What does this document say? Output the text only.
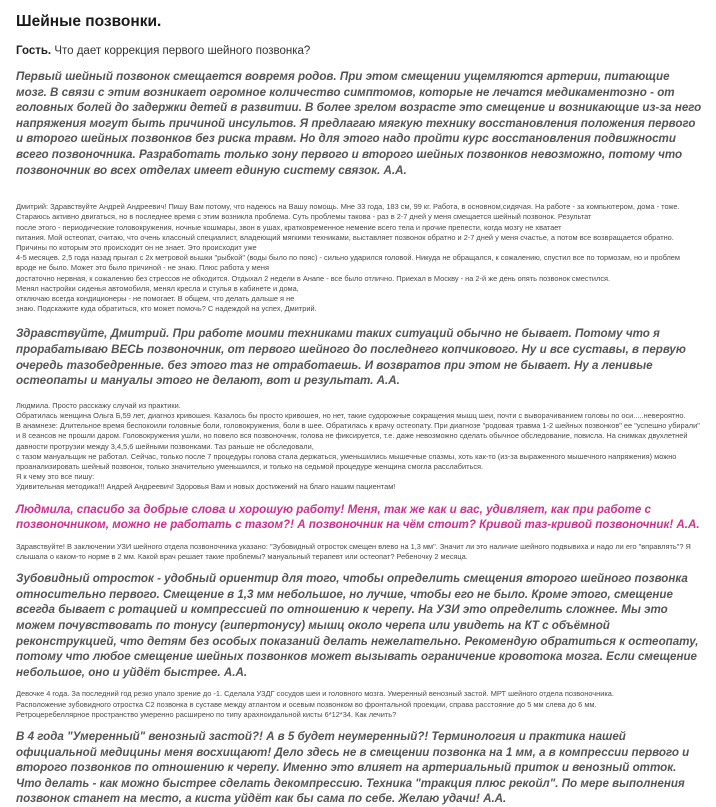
Шейные позвонки.

Гость. Что дает коррекция первого шейного позвонка?

Первый шейный позвонок смещается вовремя родов. При этом смещении ущемляются артерии, питающие мозг. В связи с этим возникает огромное количество симптомов, которые не лечатся медикаментозно - от головных болей до задержки детей в развитии. В более зрелом возрасте это смещение и возникающие из-за него напряжения могут быть причиной инсультов. Я предлагаю мягкую технику восстановления положения первого и второго шейных позвонков без риска травм. Но для этого надо пройти курс восстановления подвижности всего позвоночника. Разработать только зону первого и второго шейных позвонков невозможно, потому что позвоночник во всех отделах имеет единую систему связок. А.А.

Дмитрий: Здравствуйте Андрей Андреевич! Пишу Вам потому, что надеюсь на Вашу помощь. Мне 33 года, 183 см, 99 кг. Работа, в основном,сидячая. На работе - за компьютером, дома - тоже. Стараюсь активно двигаться, но в последнее время с этим возникла проблема. Суть проблемы такова - раз в 2-7 дней у меня смещается шейный позвонок. Результат
после этого - периодические головокружения, ночные кошмары, звон в ушах, кратковременное немение всего тела и прочие препести, когда мозгу не хватает
питания. Мой остеопат, считаю, что очень классный специалист, владеющий мягкими техниками, выставляет позвонок обратно и 2-7 дней у меня счастье, а потом все возвращается обратно. Причины по которым это происходит он не знает. Это происходит уже
4-5 месяцев. 2,5 года назад прыгал с 2х метровой вышки "рыбкой" (воды было по пояс) - сильно ударился головой. Никуда не обращался, к сожалению, спустил все по тормозам, но и проблем вроде не было. Может это было причиной - не знаю. Плюс работа у меня
достаточно нервная, к сожалению без стрессов не обходится. Отдыхал 2 недели в Анапе - все было отлично. Приехал в Москву - на 2-й же день опять позвонок сместился.
Менял настройки сиденья автомобиля, менял кресла и стулья в кабинете и дома,
отключаю всегда кондиционеры - не помогает. В общем, что делать дальше я не
знаю. Подскажите куда обратиться, кто может помочь? С надеждой на успех, Дмитрий.

Здравствуйте, Дмитрий. При работе моими техниками таких ситуаций обычно не бывает. Потому что я прорабатываю ВЕСЬ позвоночник, от первого шейного до последнего копчикового. Ну и все суставы, в первую очередь тазобедренные. без этого таз не отработаешь. И возвратов при этом не бывает. Ну а ленивые остеопаты и мануалы этого не делают, вот и результат. А.А.

Людмила. Просто расскажу случай из практики.
Обратилась женщина Ольга Б,59 лет, диагноз кривошея. Казалось бы просто кривошея, но нет, такие судорожные сокращения мышц шеи, почти с выворачиванием головы по оси.....невероятно.
В анамнезе: Длительное время беспокоили головные боли, головокружения, боли в шее. Обратилась к врачу остеопату. При диагнозе "родовая травма 1-2 шейных позвонков" ее "успешно убирали" и 8 сеансов не прошли даром. Головокружения ушли, но повело вся позвоночник, голова не фиксируется, т.е. даже невозможно сделать обычное обследование, повисла. На снимках двухлетней давности протрузии между 3,4,5,6 шейными позвонками. Таз раньше не обследовали,
с тазом мануальщик не работал. Сейчас, только после 7 процедуры голова стала держаться, уменьшились мышечные спазмы, хоть как-то (из-за выраженного мышечного напряжения) можно проанализировать шейный позвонок, только значительно уменьшился, и только на седьмой процедуре женщина смогла расслабиться.
Я к чему это все пишу:
Удивительная методика!!! Андрей Андреевич! Здоровья Вам и новых достижений на благо нашим пациентам!

Людмила, спасибо за добрые слова и хорошую работу! Меня, так же как и вас, удивляет, как при работе с позвоночником, можно не работать с тазом?! А позвоночник на чём стоит? Кривой таз-кривой позвоночник! А.А.

Здравствуйте! В заключении УЗИ шейного отдела позвоночника указано: "Зубовидный отросток смещен влево на 1,3 мм". Значит ли это наличие шейного подвывиха и надо ли его "вправлять"? Я слышала о каком-то норме в 2 мм. Какой врач решает такие проблемы? мануальный терапевт или остеопат? Ребеночку 2 месяца.

Зубовидный отросток - удобный ориентир для того, чтобы определить смещения второго шейного позвонка относительно первого. Смещение в 1,3 мм небольшое, но лучше, чтобы его не было. Кроме этого, смещение всегда бывает с ротацией и компрессией по отношению к черепу. На УЗИ это определить сложнее. Мы это можем почувствовать по тонусу (гипертонусу) мышц около черепа или увидеть на КТ с объёмной реконструкцией, что детям без особых показаний делать нежелательно. Рекомендую обратиться к остеопату, потому что любое смещение шейных позвонков может вызывать ограничение кровотока мозга. Если смещение небольшое, оно и уйдёт быстрее. А.А.

Девочке 4 года. За последний год резко упало зрение до -1. Сделала УЗДГ сосудов шеи и головного мозга. Умеренный венозный застой. МРТ шейного отдела позвоночника.
Расположение зубовидного отростка С2 позвонка в суставе между атлантом и осевым позвонком во фронтальной проекции, справа расстояние до 5 мм слева до 6 мм.
Ретроцеребеллярное пространство умеренно расширено по типу арахноидальной кисты 6*12*34. Как лечить?

В 4 года "Умеренный" венозный застой?! А в 5 будет неумеренный?! Терминология и практика нашей официальной медицины меня восхищают! Дело здесь не в смещении позвонка на 1 мм, а в компрессии первого и второго позвонков по отношению к черепу. Именно это влияет на артериальный приток и венозный отток. Что делать - как можно быстрее сделать декомпрессию. Техника "тракция плюс рекойл". По мере выполнения позвонок станет на место, а киста уйдёт как бы сама по себе. Желаю удачи! А.А.
